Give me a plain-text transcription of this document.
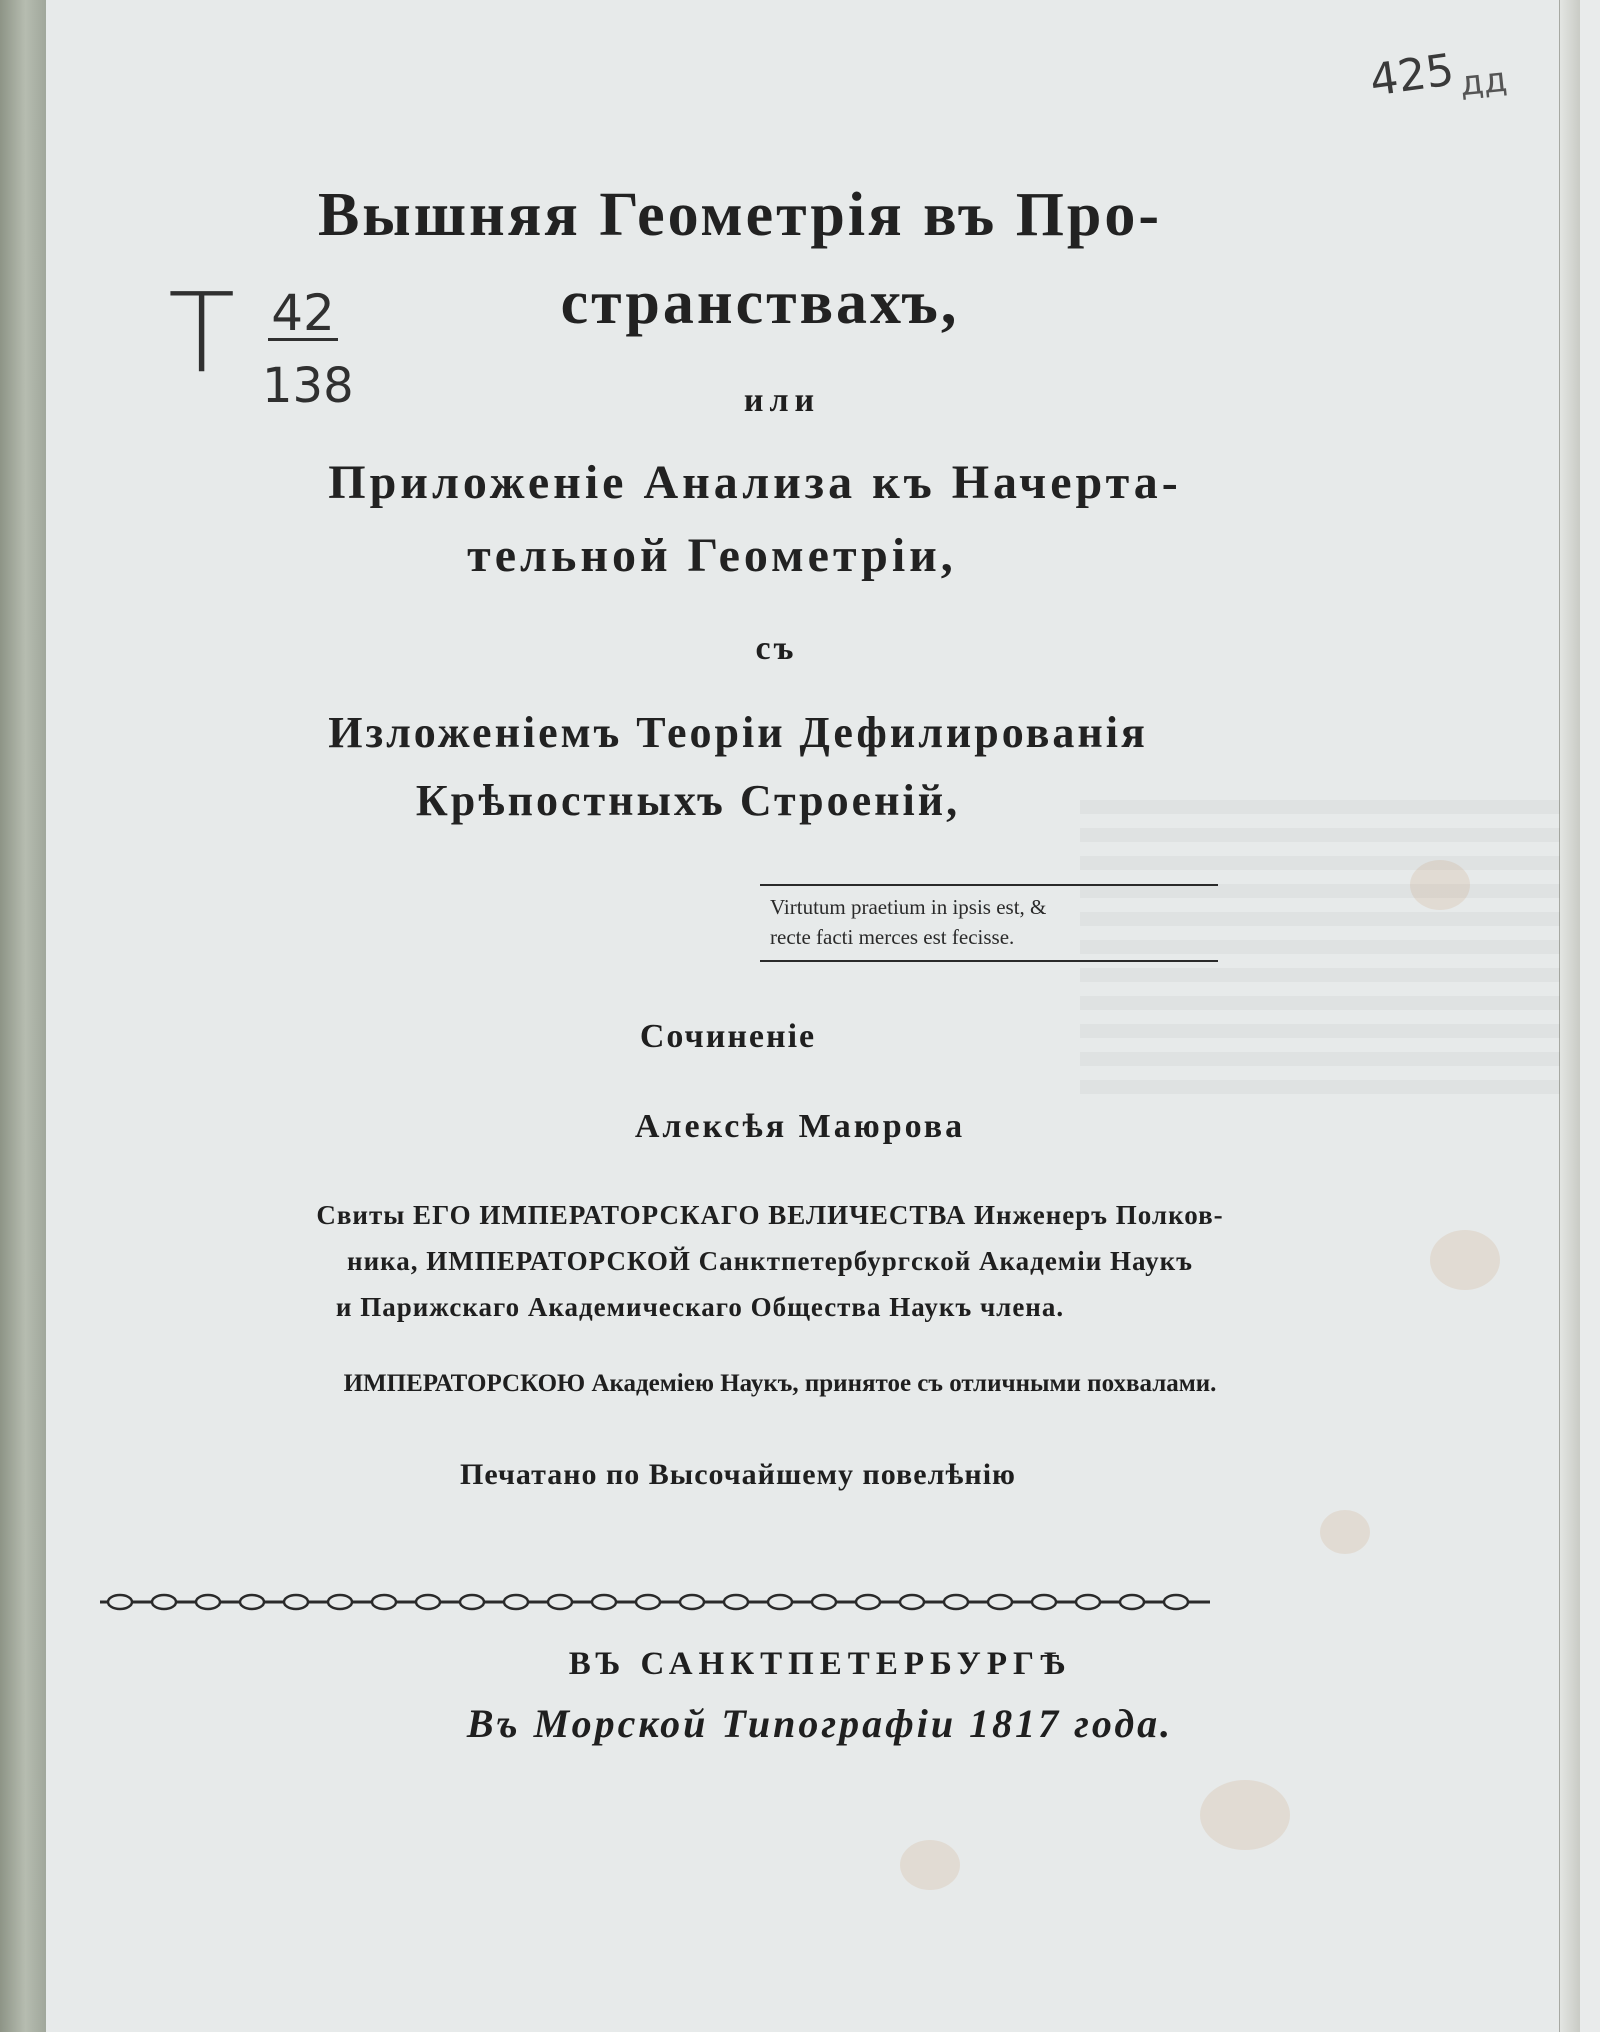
Т 42
138
425 дд
Вышняя Геометрія въ Про-
странствахъ,
или
Приложеніе Анализа къ Начерта-
тельной Геометріи,
съ
Изложеніемъ Теоріи Дефилированія
Крѣпостныхъ Строеній,
Virtutum praetium in ipsis est, &
recte facti merces est fecisse.
Сочиненіе
Алексѣя Маюрова
Свиты ЕГО ИМПЕРАТОРСКАГО ВЕЛИЧЕСТВА Инженеръ Полков-
ника, ИМПЕРАТОРСКОЙ Санктпетербургской Академіи Наукъ
и Парижскаго Академическаго Общества Наукъ члена.
ИМПЕРАТОРСКОЮ Академіею Наукъ, принятое съ отличными похвалами.
Печатано по Высочайшему повелѣнію
ВЪ САНКТПЕТЕРБУРГѢ
Въ Морской Типографіи 1817 года.
